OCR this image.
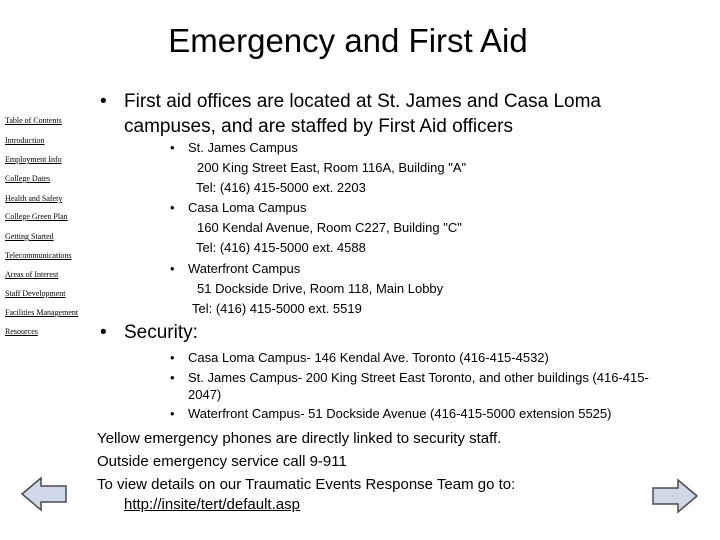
Emergency and First Aid
Table of Contents
Introduction
Employment Info
College Dates
Health and Safety
College Green Plan
Getting Started
Telecommunications
Areas of Interest
Staff Development
Facilities Management
Resources
• First aid offices are located at St. James and Casa Loma
campuses, and are staffed by First Aid officers
• St. James Campus
200 King Street East, Room 116A, Building "A"
Tel: (416) 415-5000 ext. 2203
• Casa Loma Campus
160 Kendal Avenue, Room C227, Building "C"
Tel: (416) 415-5000 ext. 4588
• Waterfront Campus
51 Dockside Drive, Room 118, Main Lobby
Tel: (416) 415-5000 ext. 5519
• Security:
• Casa Loma Campus- 146 Kendal Ave. Toronto (416-415-4532)
• St. James Campus- 200 King Street East Toronto, and other buildings (416-415-
2047)
• Waterfront Campus- 51 Dockside Avenue (416-415-5000 extension 5525)
Yellow emergency phones are directly linked to security staff.
Outside emergency service call 9-911
To view details on our Traumatic Events Response Team go to:
http://insite/tert/default.asp
